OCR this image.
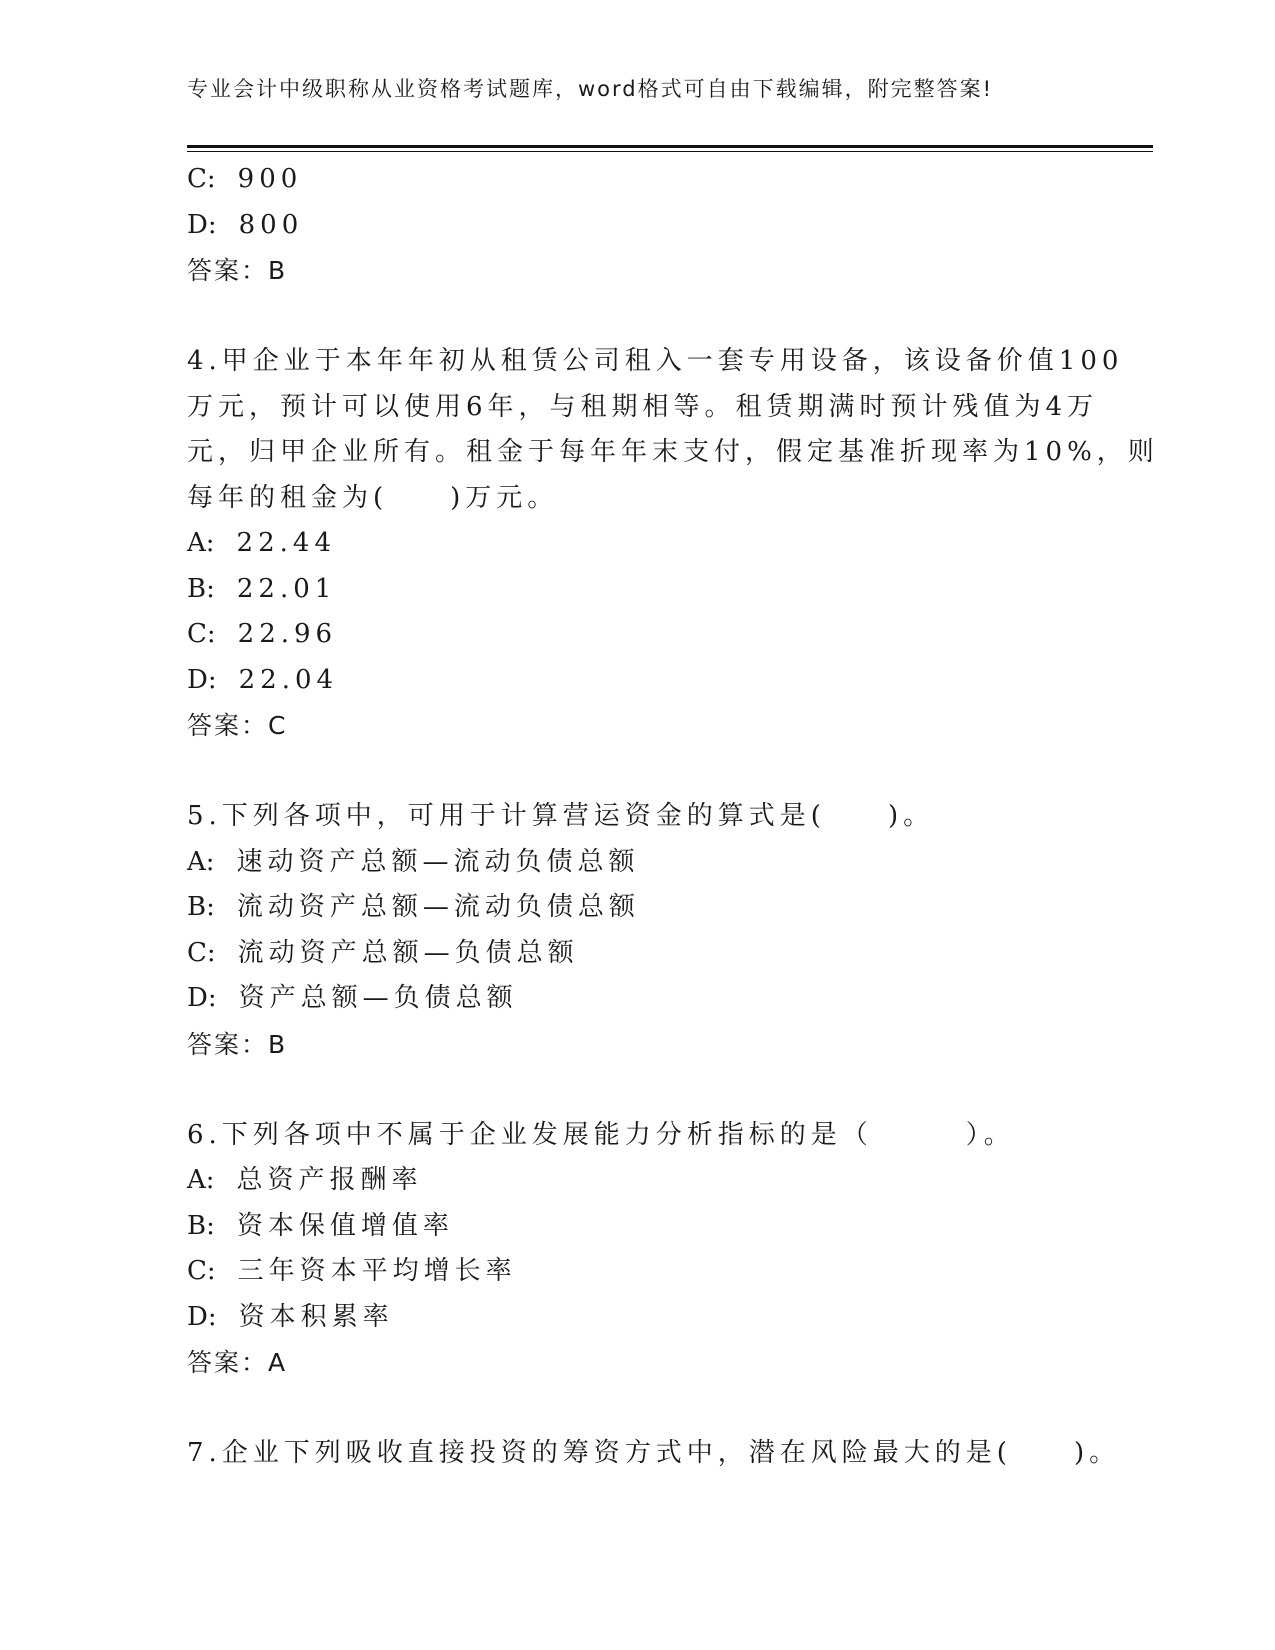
专业会计中级职称从业资格考试题库，word格式可自由下载编辑，附完整答案!
C: 900
D: 800
答案：B
4.甲企业于本年年初从租赁公司租入一套专用设备，该设备价值100
万元，预计可以使用6年，与租期相等。租赁期满时预计残值为4万
元，归甲企业所有。租金于每年年末支付，假定基准折现率为10%，则
每年的租金为(　　)万元。
A: 22.44
B: 22.01
C: 22.96
D: 22.04
答案：C
5.下列各项中，可用于计算营运资金的算式是(　　)。
A: 速动资产总额—流动负债总额
B: 流动资产总额—流动负债总额
C: 流动资产总额—负债总额
D: 资产总额—负债总额
答案：B
6.下列各项中不属于企业发展能力分析指标的是（　　　）。
A: 总资产报酬率
B: 资本保值增值率
C: 三年资本平均增长率
D: 资本积累率
答案：A
7.企业下列吸收直接投资的筹资方式中，潜在风险最大的是(　　)。
